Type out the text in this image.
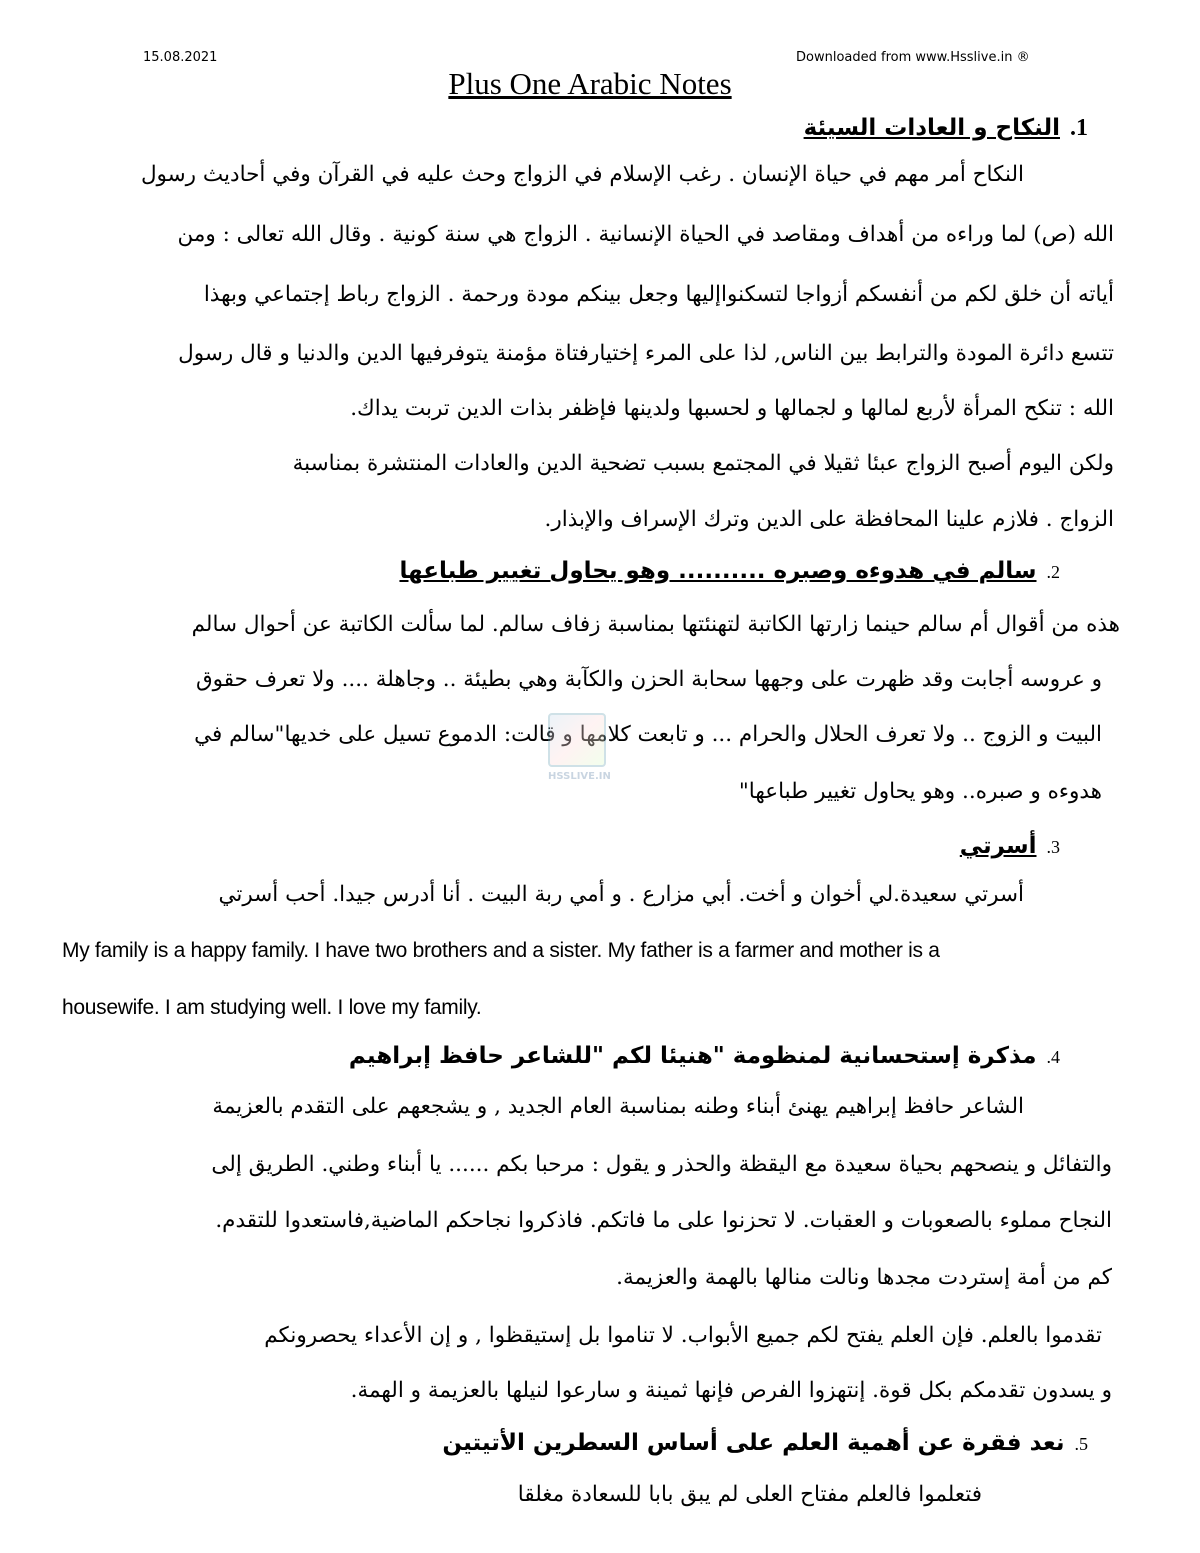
15.08.2021	Downloaded from www.Hsslive.in ®
Plus One Arabic Notes
1.النكاح و العادات السيئة
النكاح أمر مهم في حياة الإنسان . رغب الإسلام في الزواج وحث عليه في القرآن وفي أحاديث رسول
الله (ص) لما وراءه من أهداف ومقاصد في الحياة الإنسانية . الزواج هي سنة كونية . وقال الله تعالى : ومن
أياته أن خلق لكم من أنفسكم أزواجا لتسكنواإليها وجعل بينكم مودة ورحمة . الزواج رباط إجتماعي وبهذا
تتسع دائرة المودة والترابط بين الناس, لذا على المرء إختيارفتاة مؤمنة يتوفرفيها الدين والدنيا و قال رسول
الله : تنكح المرأة لأربع لمالها و لجمالها و لحسبها ولدينها فإظفر بذات الدين تربت يداك.
ولكن اليوم أصبح الزواج عبئا ثقيلا في المجتمع بسبب تضحية الدين والعادات المنتشرة بمناسبة
الزواج . فلازم علينا المحافظة على الدين وترك الإسراف والإبذار.
2.سالم في هدوءه وصبره .......... وهو يحاول تغيير طباعها
هذه من أقوال أم سالم حينما زارتها الكاتبة لتهنئتها بمناسبة زفاف سالم. لما سألت الكاتبة عن أحوال سالم
و عروسه أجابت وقد ظهرت على وجهها سحابة الحزن والكآبة وهي بطيئة .. وجاهلة .... ولا تعرف حقوق
البيت و الزوج .. ولا تعرف الحلال والحرام ... و تابعت كلامها و قالت: الدموع تسيل على خديها"سالم في
هدوءه و صبره.. وهو يحاول تغيير طباعها"
HSSLIVE.IN
3.أسرتي
أسرتي سعيدة.لي أخوان و أخت. أبي مزارع . و أمي ربة البيت . أنا أدرس جيدا. أحب أسرتي
My family is a happy family. I have two brothers and a sister. My father is a farmer and mother is a
housewife. I am studying well. I love my family.
4.مذكرة إستحسانية لمنظومة "هنيئا لكم "للشاعر حافظ إبراهيم
الشاعر حافظ إبراهيم يهنئ أبناء وطنه بمناسبة العام الجديد , و يشجعهم على التقدم بالعزيمة
والتفائل و ينصحهم بحياة سعيدة مع اليقظة والحذر و يقول : مرحبا بكم ...... يا أبناء وطني. الطريق إلى
النجاح مملوء بالصعوبات و العقبات. لا تحزنوا على ما فاتكم. فاذكروا نجاحكم الماضية,فاستعدوا للتقدم.
كم من أمة إستردت مجدها ونالت منالها بالهمة والعزيمة.
تقدموا بالعلم. فإن العلم يفتح لكم جميع الأبواب. لا تناموا بل إستيقظوا , و إن الأعداء يحصرونكم
و يسدون تقدمكم بكل قوة. إنتهزوا الفرص فإنها ثمينة و سارعوا لنيلها بالعزيمة و الهمة.
5.نعد فقرة عن أهمية العلم على أساس السطرين الأتيتين
فتعلموا فالعلم مفتاح العلى لم يبق بابا للسعادة مغلقا
